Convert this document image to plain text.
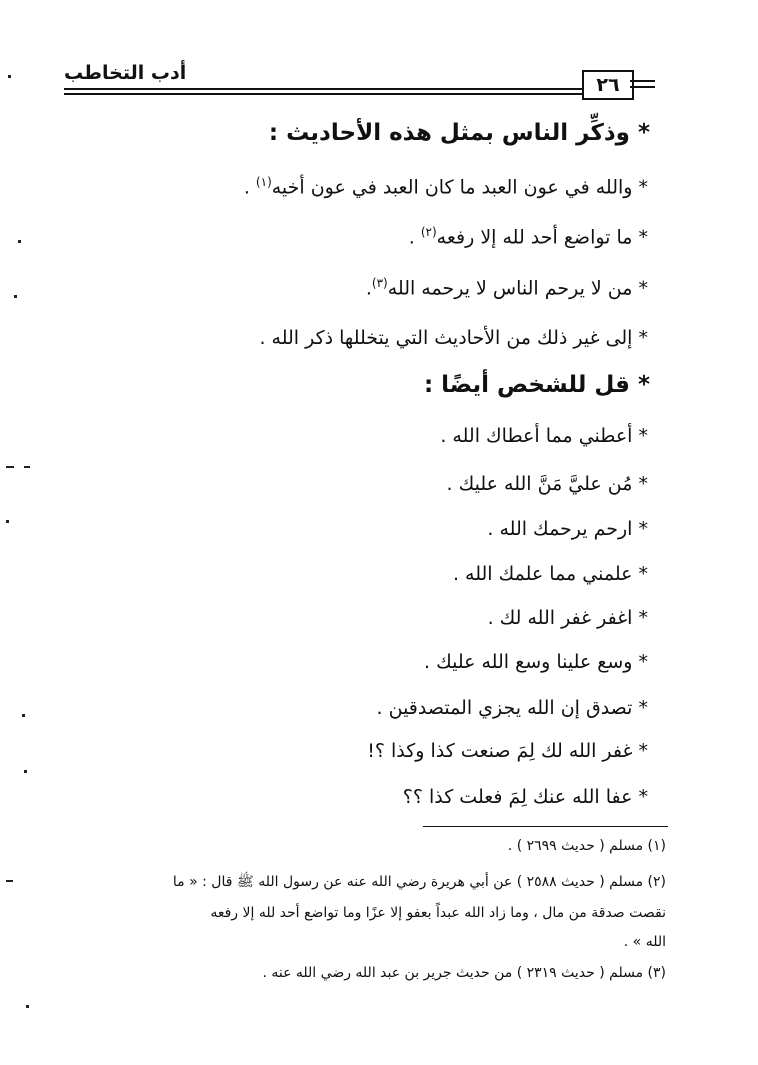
أدب التخاطب
٢٦
* وذكِّر الناس بمثل هذه الأحاديث :
* والله في عون العبد ما كان العبد في عون أخيه$^{(١)}$ .
* ما تواضع أحد لله إلا رفعه$^{(٢)}$ .
* من لا يرحم الناس لا يرحمه الله$^{(٣)}$.
* إلى غير ذلك من الأحاديث التي يتخللها ذكر الله .
* قل للشخص أيضًا :
* أعطني مما أعطاك الله .
* مُن عليَّ مَنَّ الله عليك .
* ارحم يرحمك الله .
* علمني مما علمك الله .
* اغفر غفر الله لك .
* وسع علينا وسع الله عليك .
* تصدق إن الله يجزي المتصدقين .
* غفر الله لك لِمَ صنعت كذا وكذا ؟!
* عفا الله عنك لِمَ فعلت كذا ؟؟
(١) مسلم ( حديث ٢٦٩٩ ) .
(٢) مسلم ( حديث ٢٥٨٨ ) عن أبي هريرة رضي الله عنه عن رسول الله ﷺ قال : « ما
نقصت صدقة من مال ، وما زاد الله عبداً بعفو إلا عزًا وما تواضع أحد لله إلا رفعه
الله » .
(٣) مسلم ( حديث ٢٣١٩ ) من حديث جرير بن عبد الله رضي الله عنه .
